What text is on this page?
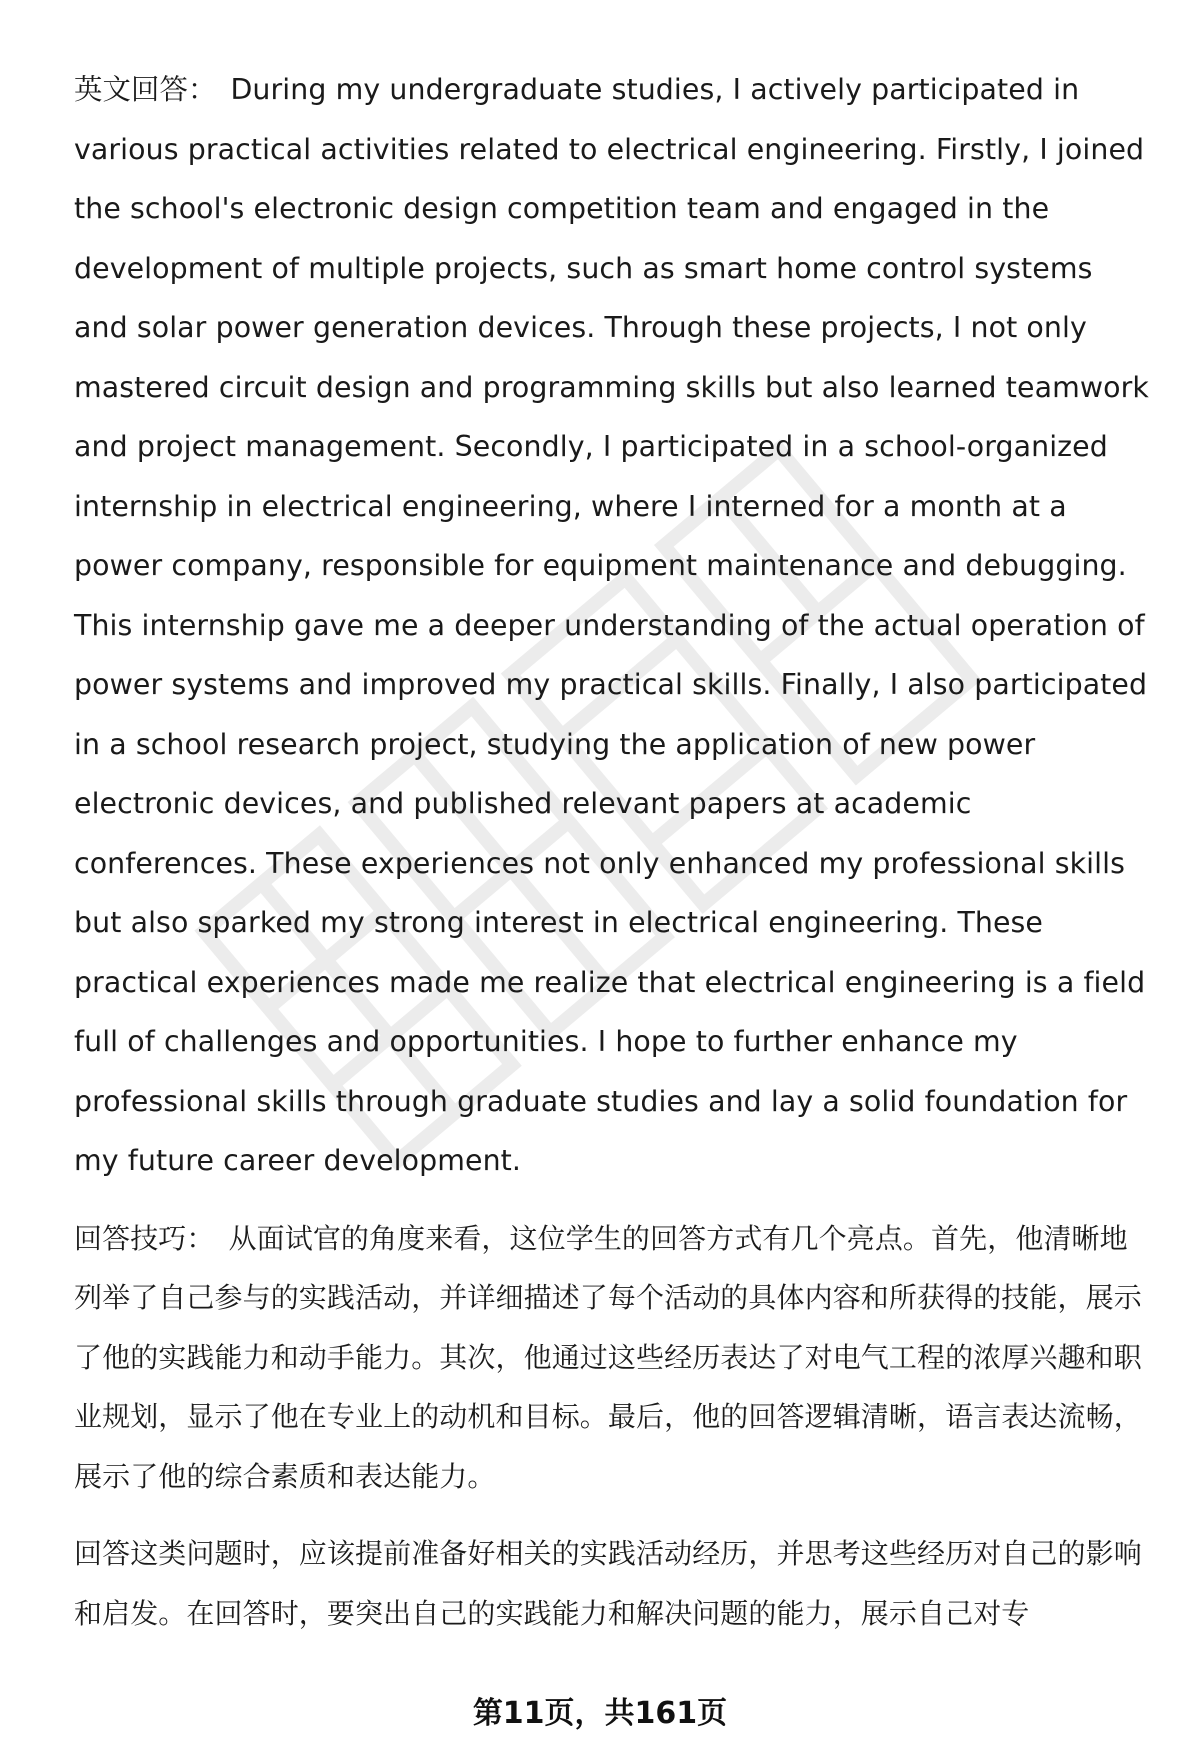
英文回答： During my undergraduate studies, I actively participated in various practical activities related to electrical engineering. Firstly, I joined the school's electronic design competition team and engaged in the development of multiple projects, such as smart home control systems and solar power generation devices. Through these projects, I not only mastered circuit design and programming skills but also learned teamwork and project management. Secondly, I participated in a school-organized internship in electrical engineering, where I interned for a month at a power company, responsible for equipment maintenance and debugging. This internship gave me a deeper understanding of the actual operation of power systems and improved my practical skills. Finally, I also participated in a school research project, studying the application of new power electronic devices, and published relevant papers at academic conferences. These experiences not only enhanced my professional skills but also sparked my strong interest in electrical engineering. These practical experiences made me realize that electrical engineering is a field full of challenges and opportunities. I hope to further enhance my professional skills through graduate studies and lay a solid foundation for my future career development.

回答技巧： 从面试官的角度来看，这位学生的回答方式有几个亮点。首先，他清晰地列举了自己参与的实践活动，并详细描述了每个活动的具体内容和所获得的技能，展示了他的实践能力和动手能力。其次，他通过这些经历表达了对电气工程的浓厚兴趣和职业规划，显示了他在专业上的动机和目标。最后，他的回答逻辑清晰，语言表达流畅，展示了他的综合素质和表达能力。

回答这类问题时，应该提前准备好相关的实践活动经历，并思考这些经历对自己的影响和启发。在回答时，要突出自己的实践能力和解决问题的能力，展示自己对专

第11页，共161页
